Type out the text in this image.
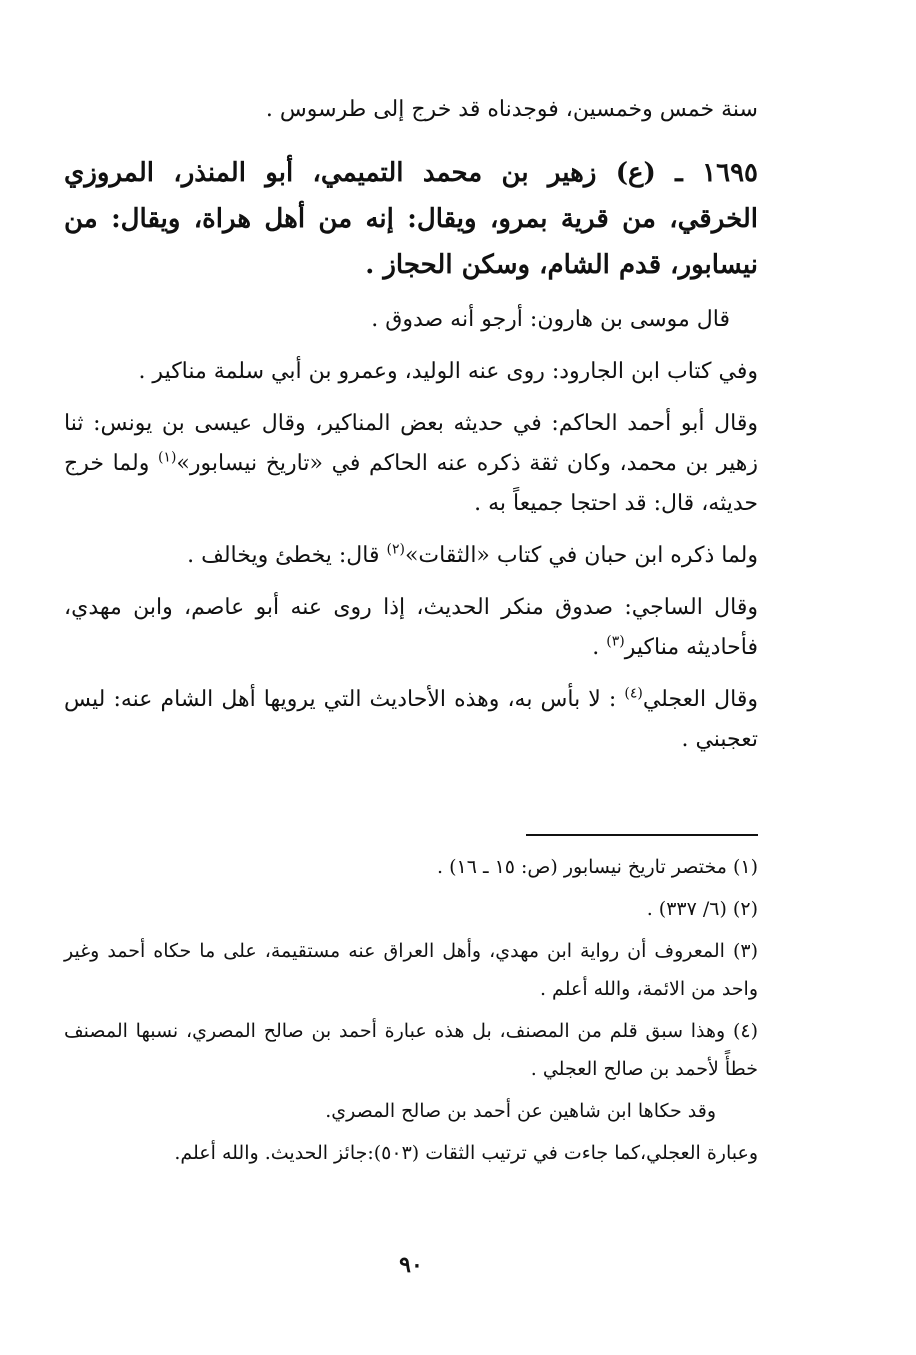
سنة خمس وخمسين، فوجدناه قد خرج إلى طرسوس .

١٦٩٥ ـ (ع) زهير بن محمد التميمي، أبو المنذر، المروزي الخرقي، من قرية بمرو، ويقال: إنه من أهل هراة، ويقال: من نيسابور، قدم الشام، وسكن الحجاز .

قال موسى بن هارون: أرجو أنه صدوق .

وفي كتاب ابن الجارود: روى عنه الوليد، وعمرو بن أبي سلمة مناكير .

وقال أبو أحمد الحاكم: في حديثه بعض المناكير، وقال عيسى بن يونس: ثنا زهير بن محمد، وكان ثقة ذكره عنه الحاكم في «تاريخ نيسابور»$^{(١)}$ ولما خرج حديثه، قال: قد احتجا جميعاً به .

ولما ذكره ابن حبان في كتاب «الثقات»$^{(٢)}$ قال: يخطئ ويخالف .

وقال الساجي: صدوق منكر الحديث، إذا روى عنه أبو عاصم، وابن مهدي، فأحاديثه مناكير$^{(٣)}$ .

وقال العجلي$^{(٤)}$ : لا بأس به، وهذه الأحاديث التي يرويها أهل الشام عنه: ليس تعجبني .

(١) مختصر تاريخ نيسابور (ص: ١٥ ـ ١٦) .

(٢) (٦/ ٣٣٧) .

(٣) المعروف أن رواية ابن مهدي، وأهل العراق عنه مستقيمة، على ما حكاه أحمد وغير واحد من الائمة، والله أعلم .

(٤) وهذا سبق قلم من المصنف، بل هذه عبارة أحمد بن صالح المصري، نسبها المصنف خطأً لأحمد بن صالح العجلي .

وقد حكاها ابن شاهين عن أحمد بن صالح المصري.

وعبارة العجلي،كما جاءت في ترتيب الثقات (٥٠٣):جائز الحديث. والله أعلم.

٩٠
